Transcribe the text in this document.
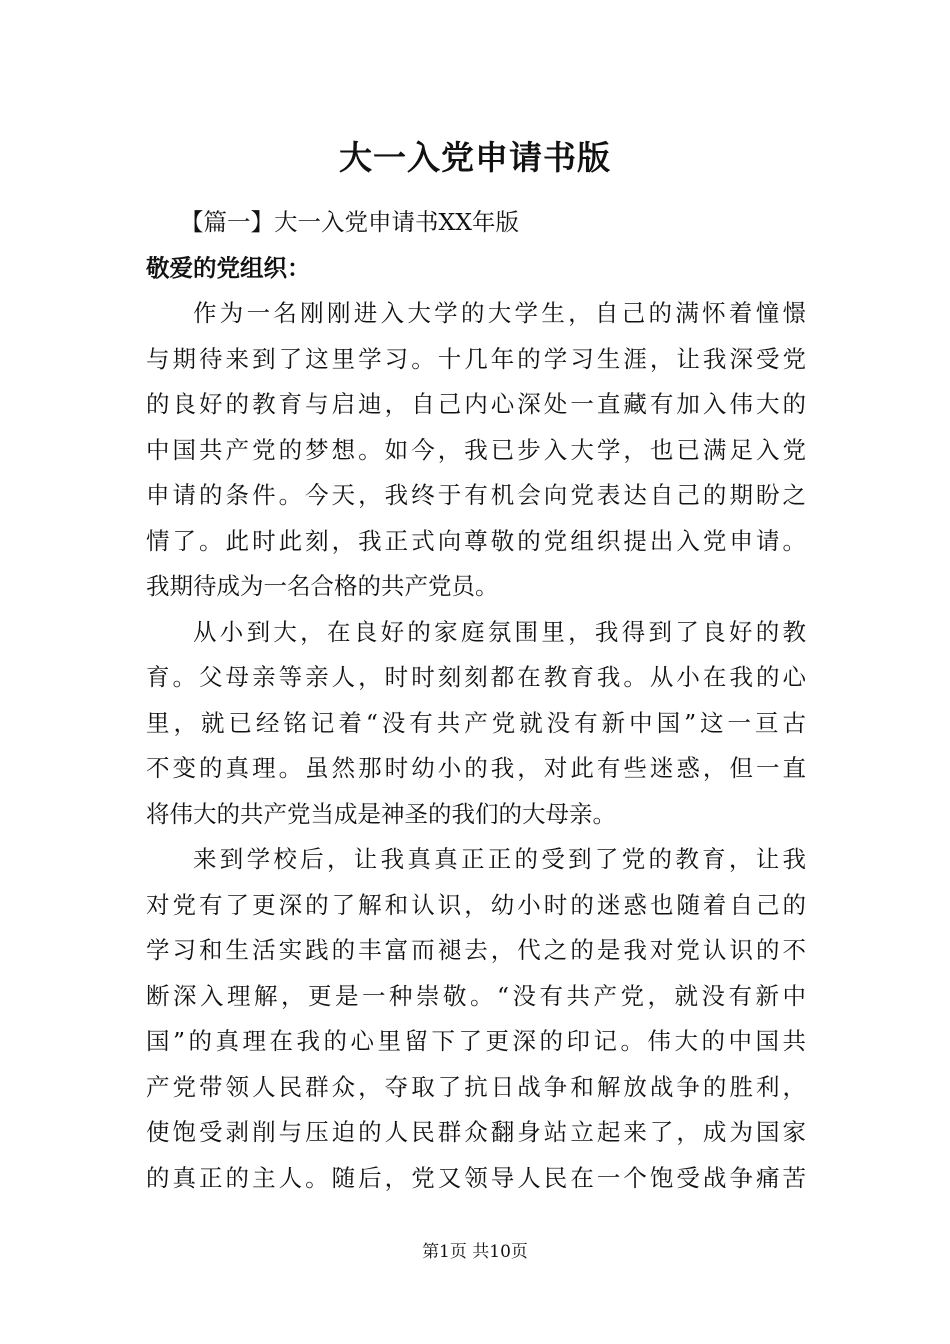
大一入党申请书版
【篇一】大一入党申请书XX年版
敬爱的党组织：
作为一名刚刚进入大学的大学生，自己的满怀着憧憬
与期待来到了这里学习。十几年的学习生涯，让我深受党
的良好的教育与启迪，自己内心深处一直藏有加入伟大的
中国共产党的梦想。如今，我已步入大学，也已满足入党
申请的条件。今天，我终于有机会向党表达自己的期盼之
情了。此时此刻，我正式向尊敬的党组织提出入党申请。
我期待成为一名合格的共产党员。
从小到大，在良好的家庭氛围里，我得到了良好的教
育。父母亲等亲人，时时刻刻都在教育我。从小在我的心
里，就已经铭记着“没有共产党就没有新中国”这一亘古
不变的真理。虽然那时幼小的我，对此有些迷惑，但一直
将伟大的共产党当成是神圣的我们的大母亲。
来到学校后，让我真真正正的受到了党的教育，让我
对党有了更深的了解和认识，幼小时的迷惑也随着自己的
学习和生活实践的丰富而褪去，代之的是我对党认识的不
断深入理解，更是一种崇敬。“没有共产党，就没有新中
国”的真理在我的心里留下了更深的印记。伟大的中国共
产党带领人民群众，夺取了抗日战争和解放战争的胜利，
使饱受剥削与压迫的人民群众翻身站立起来了，成为国家
的真正的主人。随后，党又领导人民在一个饱受战争痛苦
第1页 共10页
